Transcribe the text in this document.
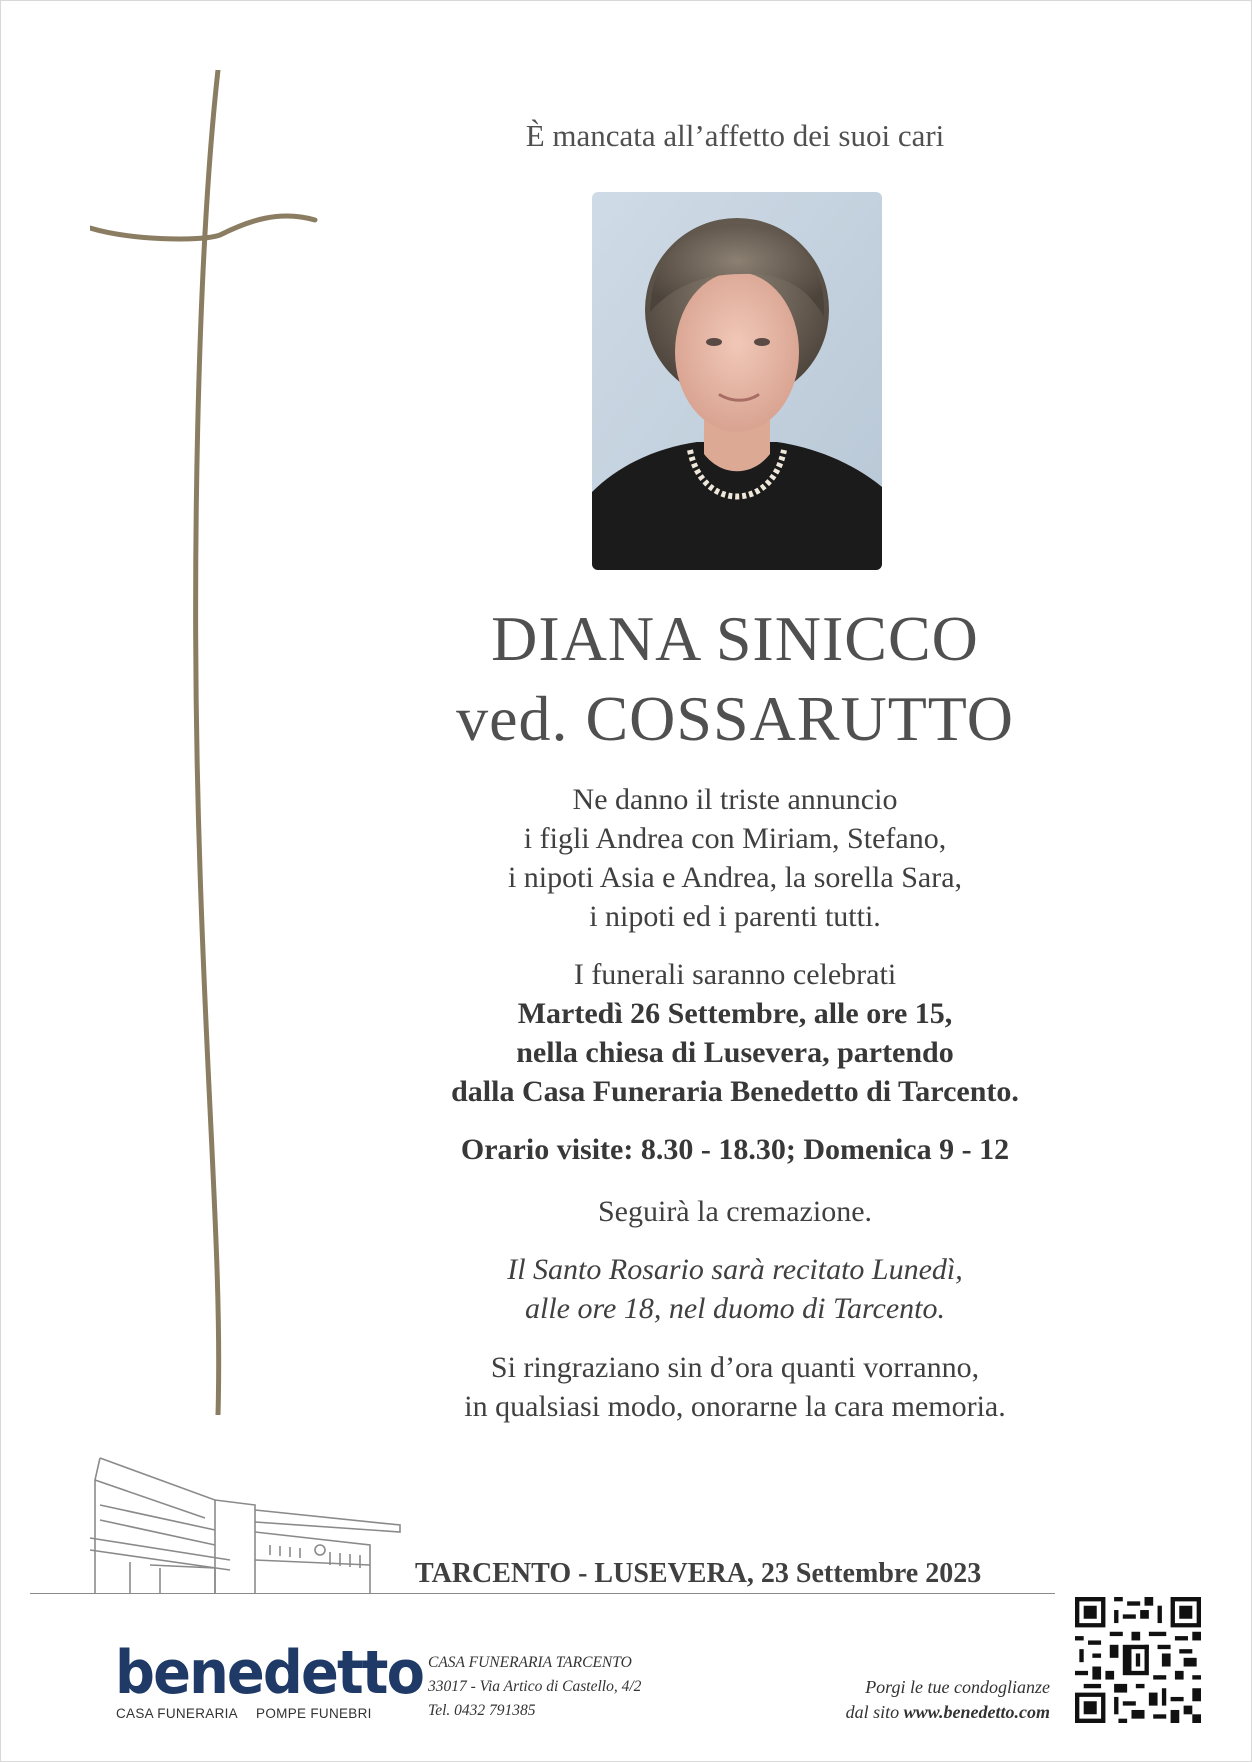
È mancata all’affetto dei suoi cari
DIANA SINICCO
ved. COSSARUTTO
Ne danno il triste annuncio
i figli Andrea con Miriam, Stefano,
i nipoti Asia e Andrea, la sorella Sara,
i nipoti ed i parenti tutti.
I funerali saranno celebrati
Martedì 26 Settembre, alle ore 15,
nella chiesa di Lusevera, partendo
dalla Casa Funeraria Benedetto di Tarcento.
Orario visite: 8.30 - 18.30; Domenica 9 - 12
Seguirà la cremazione.
Il Santo Rosario sarà recitato Lunedì,
alle ore 18, nel duomo di Tarcento.
Si ringraziano sin d’ora quanti vorranno,
in qualsiasi modo, onorarne la cara memoria.
TARCENTO - LUSEVERA, 23 Settembre 2023
benedetto
CASA FUNERARIA POMPE FUNEBRI
CASA FUNERARIA TARCENTO
33017 - Via Artico di Castello, 4/2
Tel. 0432 791385
Porgi le tue condoglianze
dal sito www.benedetto.com
